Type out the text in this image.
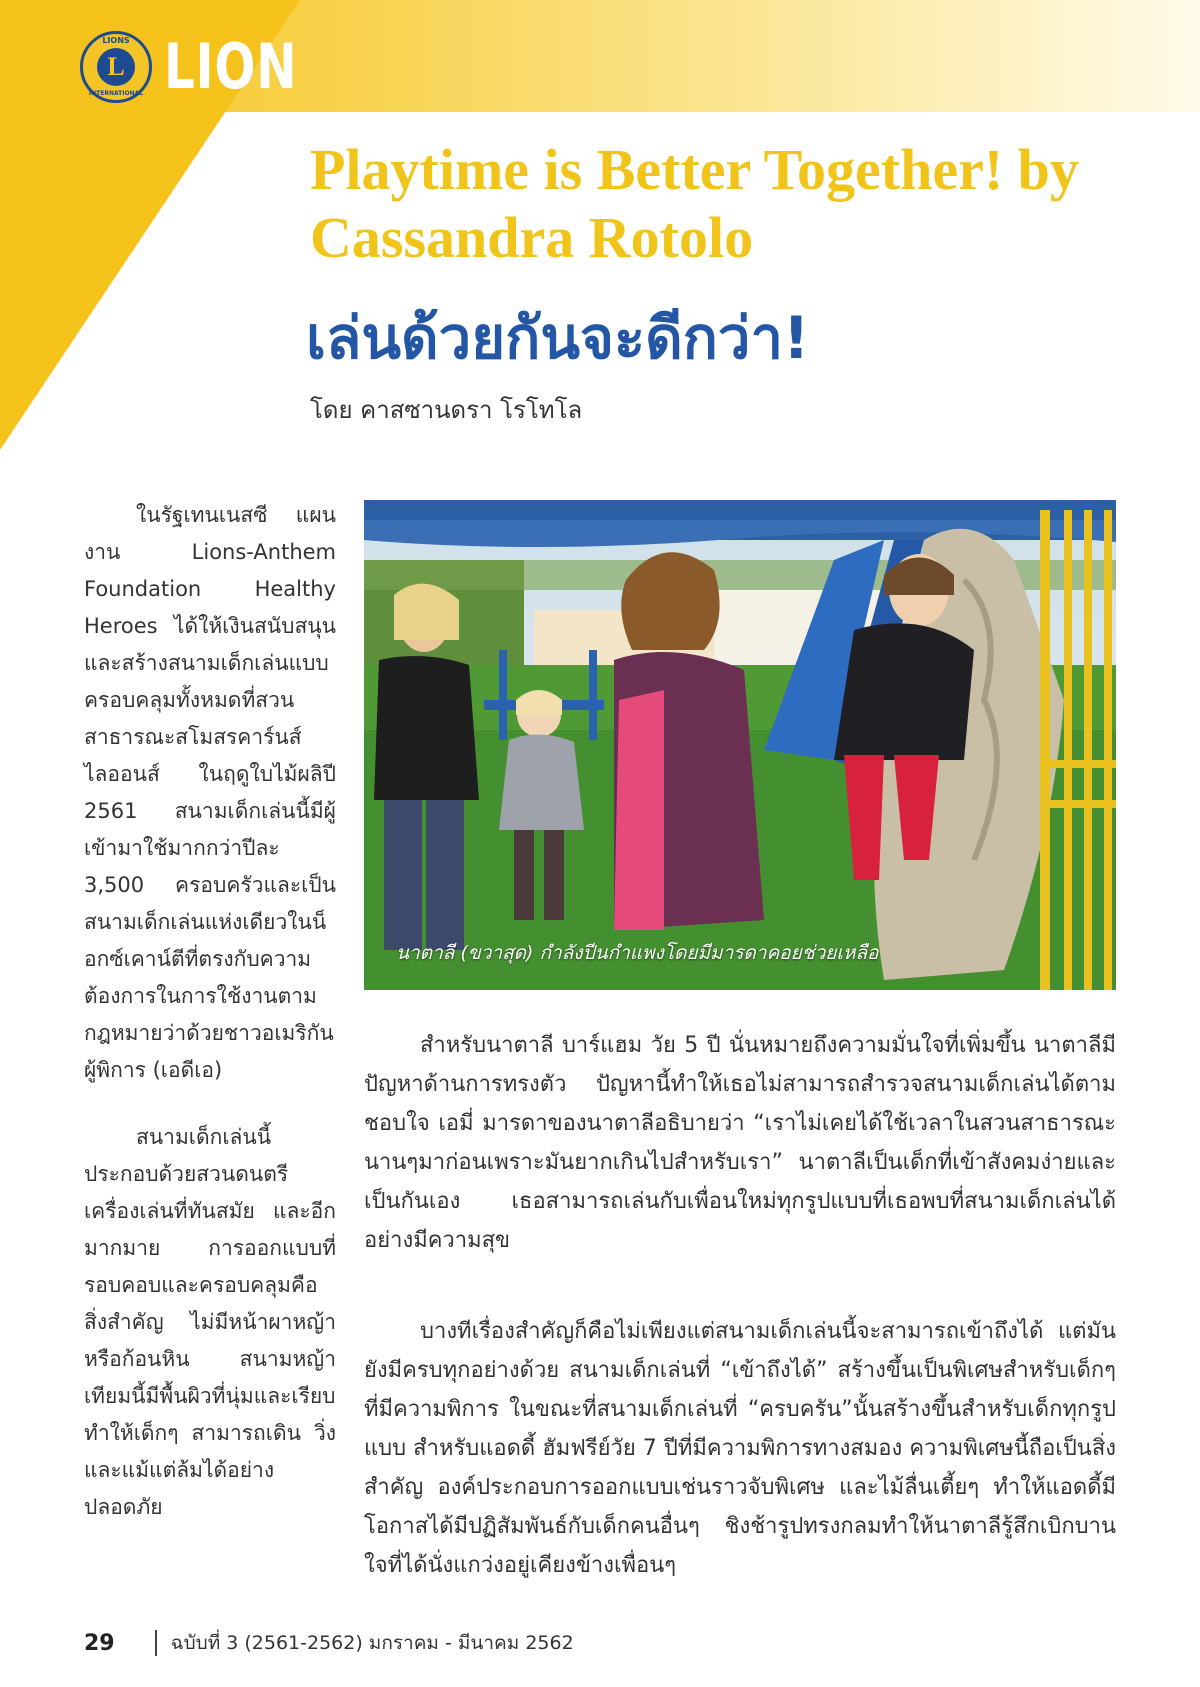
LIONS
L
INTERNATIONAL LION
Playtime is Better Together! by Cassandra Rotolo
เล่นด้วยกันจะดีกว่า!
โดย คาสซานดรา โรโทโล

ในรัฐเทนเนสซี แผนงาน Lions-Anthem Foundation Healthy Heroes ได้ให้เงินสนับสนุนและสร้างสนามเด็กเล่นแบบครอบคลุมทั้งหมดที่สวนสาธารณะสโมสรคาร์นส์ไลออนส์ ในฤดูใบไม้ผลิปี 2561 สนามเด็กเล่นนี้มีผู้เข้ามาใช้มากกว่าปีละ 3,500 ครอบครัวและเป็นสนามเด็กเล่นแห่งเดียวในน็อกซ์เคาน์ตีที่ตรงกับความต้องการในการใช้งานตามกฎหมายว่าด้วยชาวอเมริกันผู้พิการ (เอดีเอ)

สนามเด็กเล่นนี้ประกอบด้วยสวนดนตรี เครื่องเล่นที่ทันสมัย และอีกมากมาย การออกแบบที่รอบคอบและครอบคลุมคือสิ่งสำคัญ ไม่มีหน้าผาหญ้า หรือก้อนหิน สนามหญ้าเทียมนี้มีพื้นผิวที่นุ่มและเรียบ ทำให้เด็กๆ สามารถเดิน วิ่ง และแม้แต่ล้มได้อย่างปลอดภัย

นาตาลี (ขวาสุด) กำลังปีนกำแพงโดยมีมารดาคอยช่วยเหลือ

สำหรับนาตาลี บาร์แฮม วัย 5 ปี นั่นหมายถึงความมั่นใจที่เพิ่มขึ้น นาตาลีมีปัญหาด้านการทรงตัว ปัญหานี้ทำให้เธอไม่สามารถสำรวจสนามเด็กเล่นได้ตามชอบใจ เอมี่ มารดาของนาตาลีอธิบายว่า “เราไม่เคยได้ใช้เวลาในสวนสาธารณะนานๆมาก่อนเพราะมันยากเกินไปสำหรับเรา” นาตาลีเป็นเด็กที่เข้าสังคมง่ายและเป็นกันเอง เธอสามารถเล่นกับเพื่อนใหม่ทุกรูปแบบที่เธอพบที่สนามเด็กเล่นได้อย่างมีความสุข

บางทีเรื่องสำคัญก็คือไม่เพียงแต่สนามเด็กเล่นนี้จะสามารถเข้าถึงได้ แต่มันยังมีครบทุกอย่างด้วย สนามเด็กเล่นที่ “เข้าถึงได้” สร้างขึ้นเป็นพิเศษสำหรับเด็กๆที่มีความพิการ ในขณะที่สนามเด็กเล่นที่ “ครบครัน”นั้นสร้างขึ้นสำหรับเด็กทุกรูปแบบ สำหรับแอดดี้ ฮัมฟรีย์วัย 7 ปีที่มีความพิการทางสมอง ความพิเศษนี้ถือเป็นสิ่งสำคัญ องค์ประกอบการออกแบบเช่นราวจับพิเศษ และไม้ลื่นเตี้ยๆ ทำให้แอดดี้มีโอกาสได้มีปฏิสัมพันธ์กับเด็กคนอื่นๆ ชิงช้ารูปทรงกลมทำให้นาตาลีรู้สึกเบิกบานใจที่ได้นั่งแกว่งอยู่เคียงข้างเพื่อนๆ

29	ฉบับที่ 3 (2561-2562) มกราคม - มีนาคม 2562
